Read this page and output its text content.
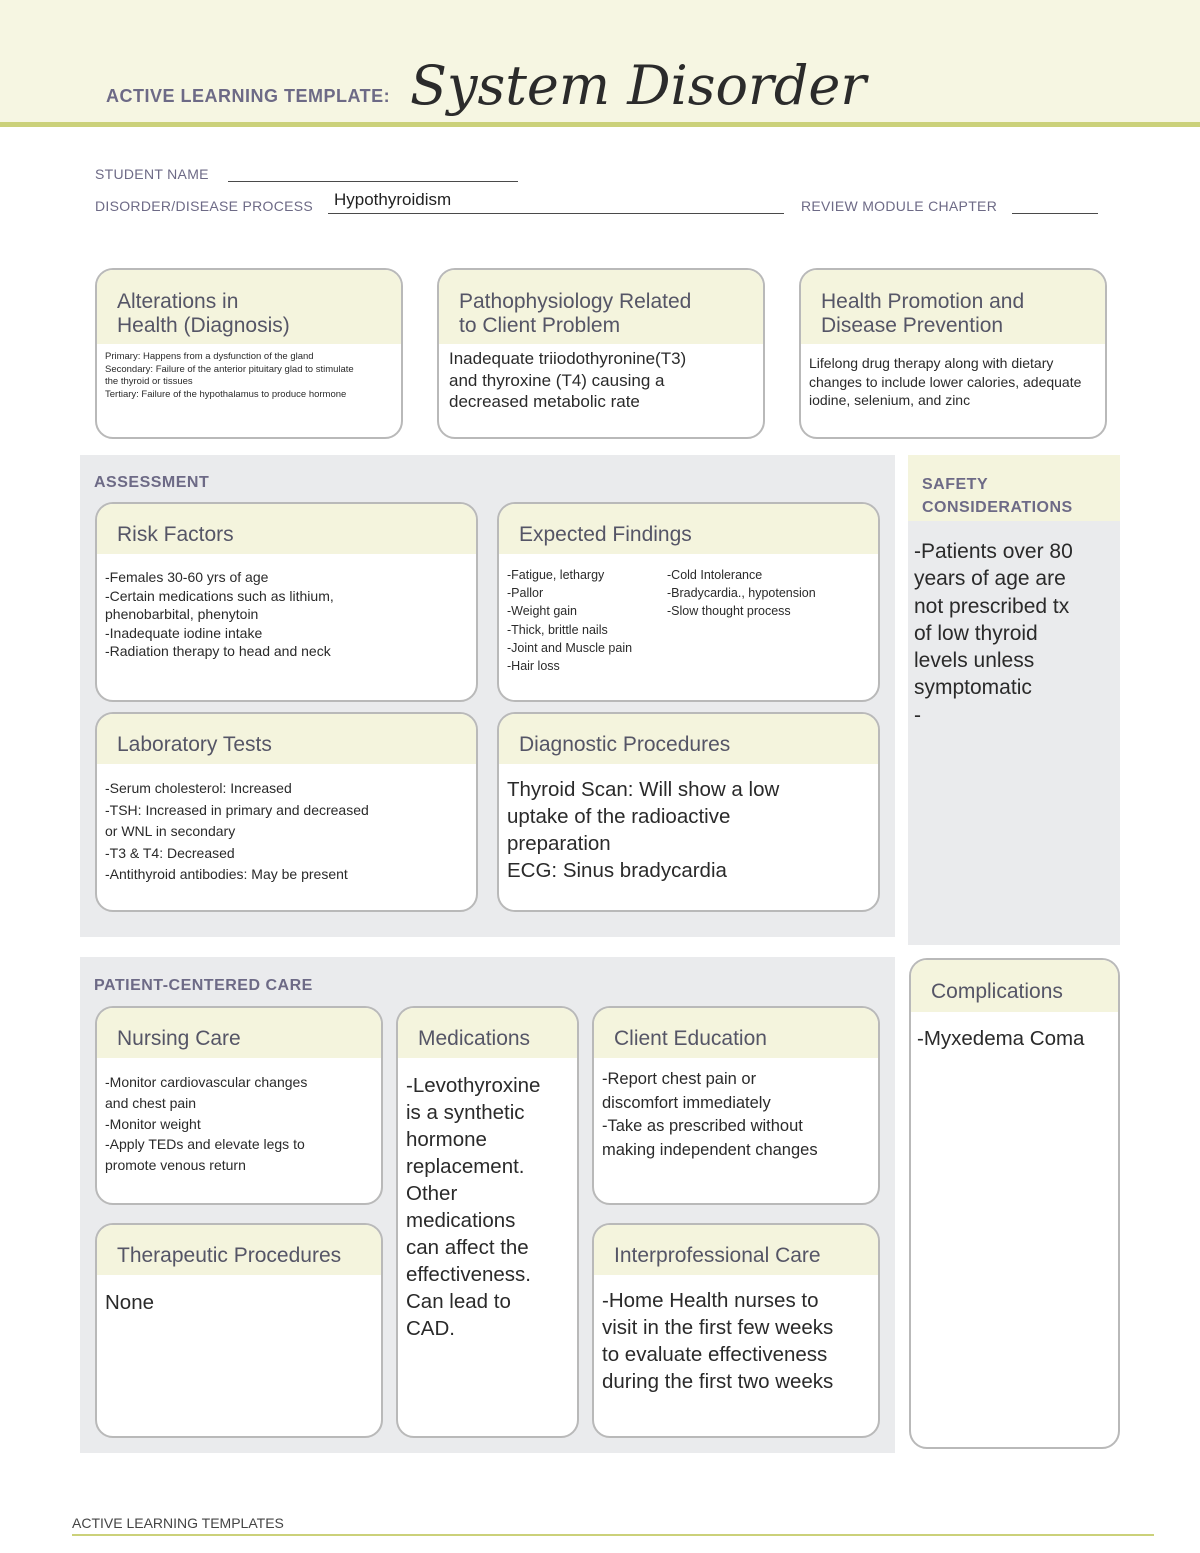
ACTIVE LEARNING TEMPLATE: System Disorder
STUDENT NAME
DISORDER/DISEASE PROCESS Hypothyroidism	REVIEW MODULE CHAPTER
Alterations in
Health (Diagnosis)
Primary: Happens from a dysfunction of the gland
Secondary: Failure of the anterior pituitary glad to stimulate
the thyroid or tissues
Tertiary: Failure of the hypothalamus to produce hormone
Pathophysiology Related
to Client Problem
Inadequate triiodothyronine(T3) and thyroxine (T4) causing a decreased metabolic rate
Health Promotion and
Disease Prevention
Lifelong drug therapy along with dietary changes to include lower calories, adequate iodine, selenium, and zinc
ASSESSMENT
Risk Factors
-Females 30-60 yrs of age
-Certain medications such as lithium,
phenobarbital, phenytoin
-Inadequate iodine intake
-Radiation therapy to head and neck
Expected Findings
-Fatigue, lethargy
-Pallor
-Weight gain
-Thick, brittle nails
-Joint and Muscle pain
-Hair loss
-Cold Intolerance
-Bradycardia., hypotension
-Slow thought process
Laboratory Tests
-Serum cholesterol: Increased
-TSH: Increased in primary and decreased
or WNL in secondary
-T3 & T4: Decreased
-Antithyroid antibodies: May be present
Diagnostic Procedures
Thyroid Scan: Will show a low
uptake of the radioactive
preparation
ECG: Sinus bradycardia
SAFETY
CONSIDERATIONS
-Patients over 80
years of age are
not prescribed tx
of low thyroid
levels unless
symptomatic
-
PATIENT-CENTERED CARE
Nursing Care
-Monitor cardiovascular changes
and chest pain
-Monitor weight
-Apply TEDs and elevate legs to
promote venous return
Medications
-Levothyroxine
is a synthetic
hormone
replacement.
Other
medications
can affect the
effectiveness.
Can lead to
CAD.
Client Education
-Report chest pain or
discomfort immediately
-Take as prescribed without
making independent changes
Therapeutic Procedures
None
Interprofessional Care
-Home Health nurses to
visit in the first few weeks
to evaluate effectiveness
during the first two weeks
Complications
-Myxedema Coma
ACTIVE LEARNING TEMPLATES
